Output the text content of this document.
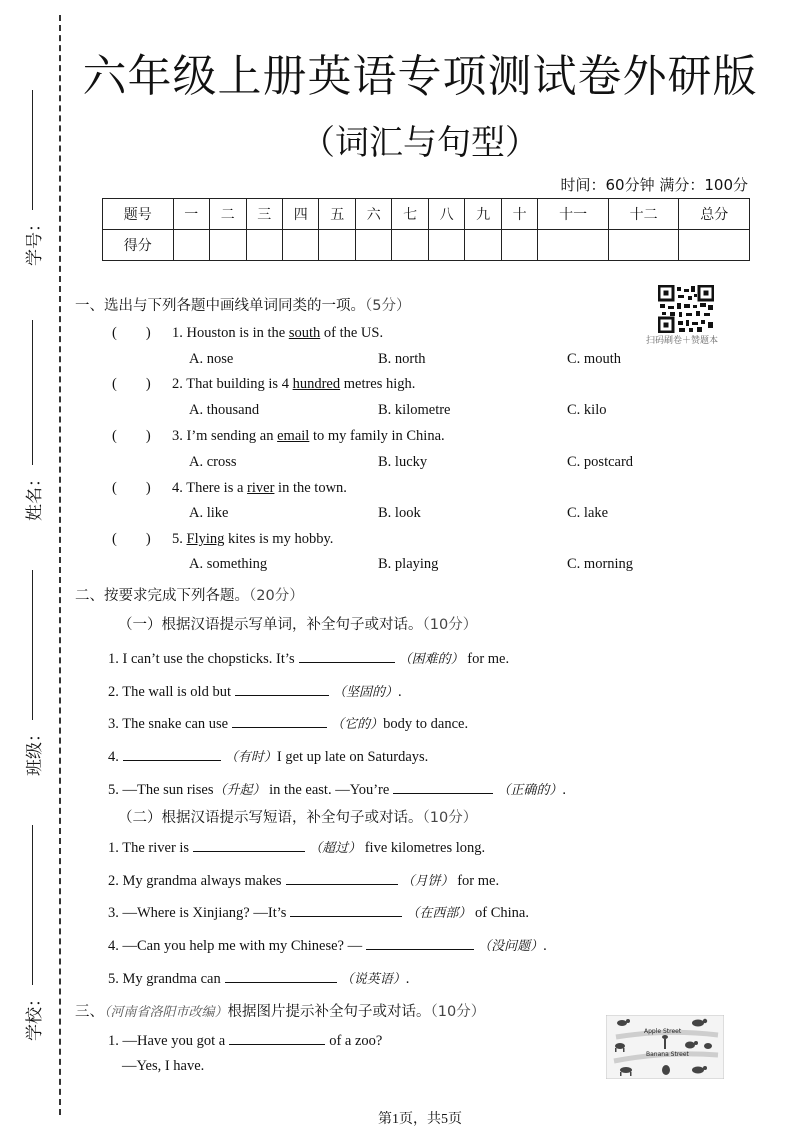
学号：
姓名：
班级：
学校：
六年级上册英语专项测试卷外研版
（词汇与句型）
时间：60分钟 满分：100分
题号	一	二	三	四	五	六	七	八	九	十	十一	十二	总分
得分													
扫码刷卷＋赞题本
一、选出与下列各题中画线单词同类的一项。（5分）
(        ) 1. Houston is in the south of the US.
A. nose	B. north	C. mouth
(        ) 2. That building is 4 hundred metres high.
A. thousand	B. kilometre	C. kilo
(        ) 3. I’m sending an email to my family in China.
A. cross	B. lucky	C. postcard
(        ) 4. There is a river in the town.
A. like	B. look	C. lake
(        ) 5. Flying kites is my hobby.
A. something	B. playing	C. morning
二、按要求完成下列各题。（20分）
（一）根据汉语提示写单词，补全句子或对话。（10分）
1. I can’t use the chopsticks. It’s	（困难的） for me.
2. The wall is old but	（坚固的）.
3. The snake can use	（它的）body to dance.
4.	（有时）I get up late on Saturdays.
5. —The sun rises（升起） in the east. —You’re	（正确的）.
（二）根据汉语提示写短语，补全句子或对话。（10分）
1. The river is	（超过） five kilometres long.
2. My grandma always makes	（月饼） for me.
3. —Where is Xinjiang? —It’s	（在西部） of China.
4. —Can you help me with my Chinese? —	（没问题）.
5. My grandma can	（说英语）.
三、（河南省洛阳市改编）根据图片提示补全句子或对话。（10分）
1. —Have you got a	of a zoo?
—Yes, I have.
Apple Street
Banana Street
第1页，共5页
